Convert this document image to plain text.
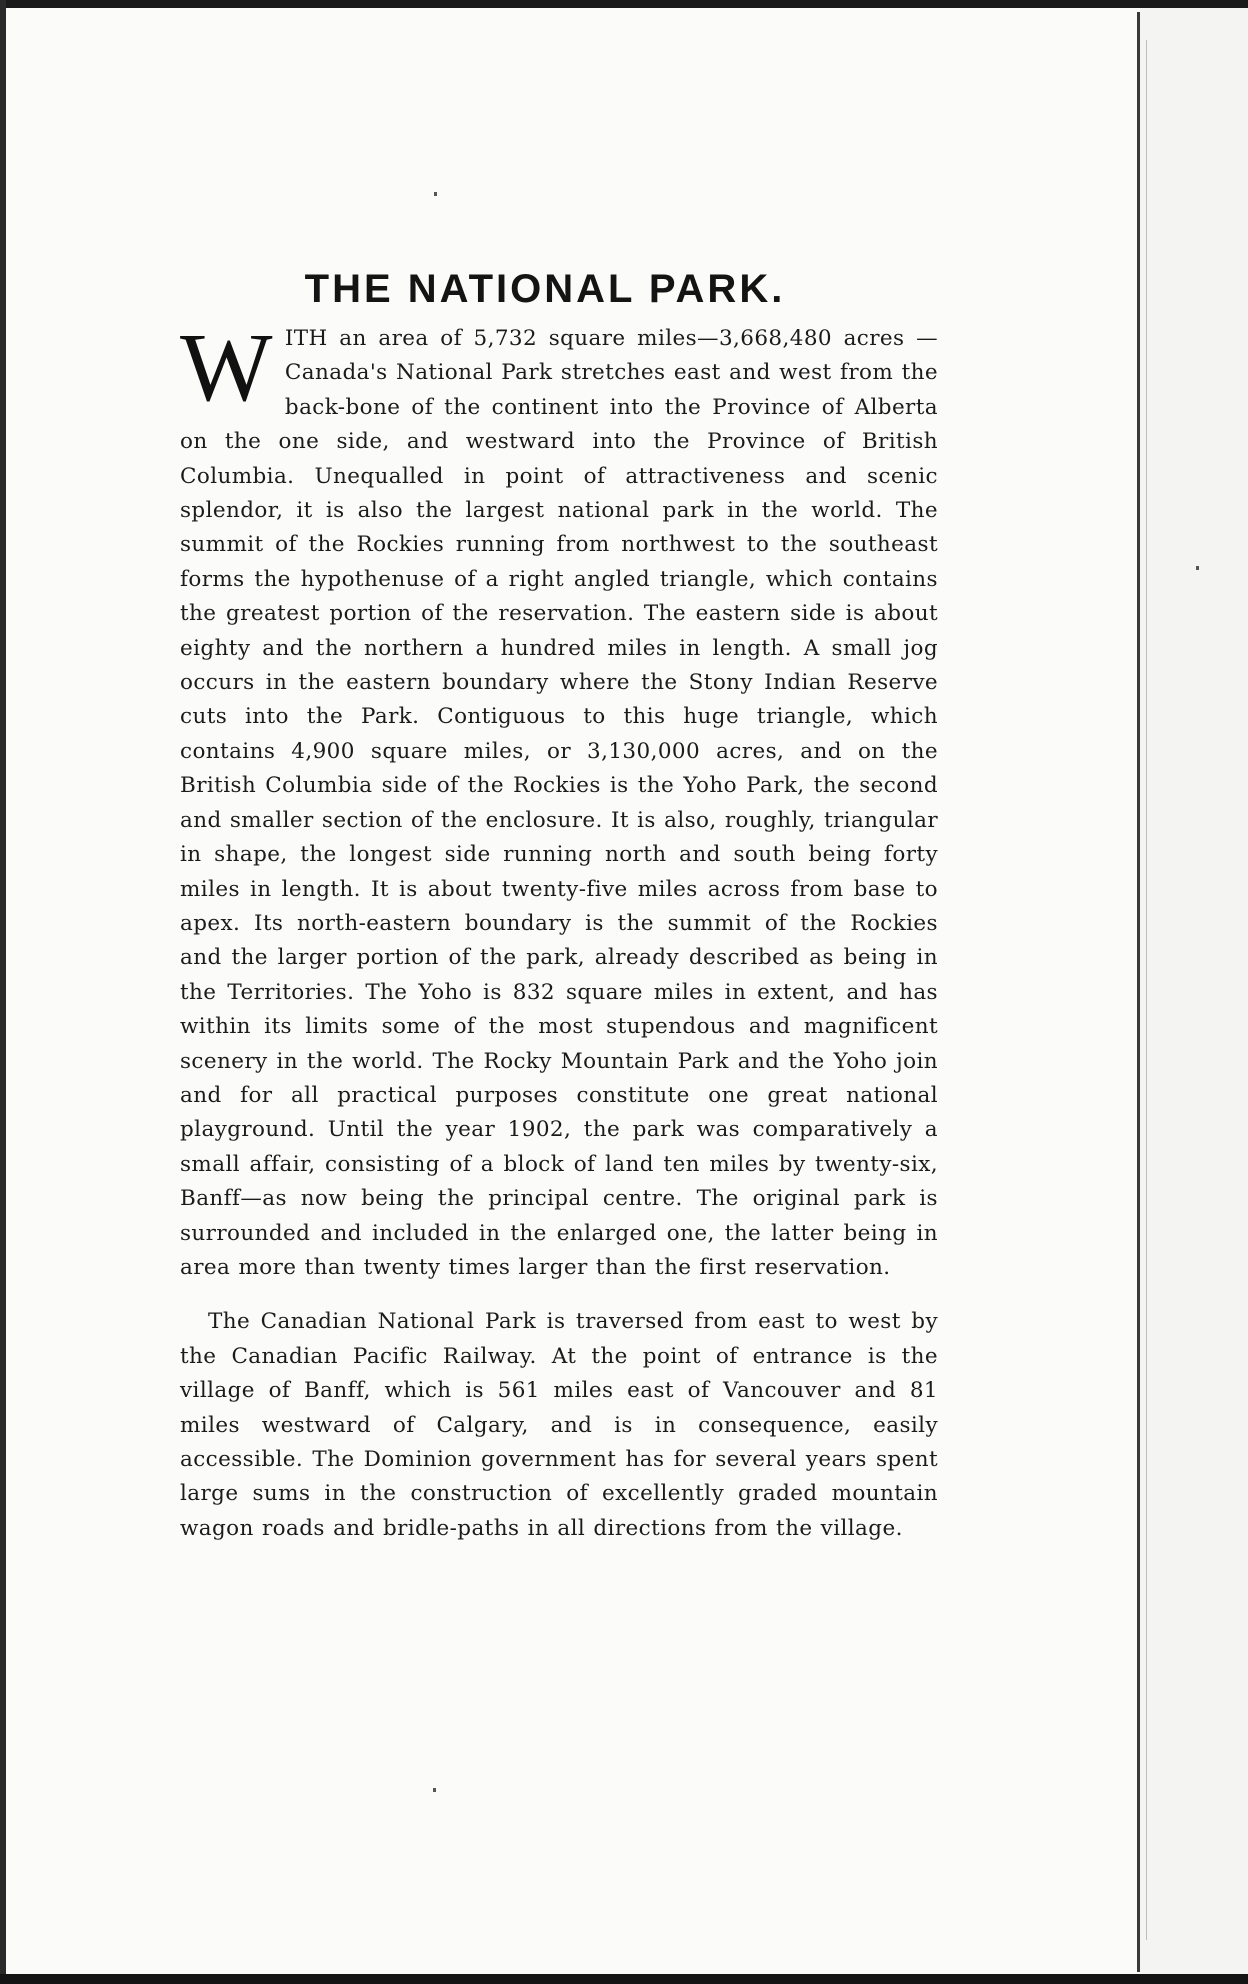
THE NATIONAL PARK.

WITH an area of 5,732 square miles—3,668,480 acres —Canada's National Park stretches east and west from the back-bone of the continent into the Province of Alberta on the one side, and westward into the Province of British Columbia. Unequalled in point of attractiveness and scenic splendor, it is also the largest national park in the world. The summit of the Rockies running from northwest to the southeast forms the hypothenuse of a right angled triangle, which contains the greatest portion of the reservation. The eastern side is about eighty and the northern a hundred miles in length. A small jog occurs in the eastern boundary where the Stony Indian Reserve cuts into the Park. Contiguous to this huge triangle, which contains 4,900 square miles, or 3,130,000 acres, and on the British Columbia side of the Rockies is the Yoho Park, the second and smaller section of the enclosure. It is also, roughly, triangular in shape, the longest side running north and south being forty miles in length. It is about twenty-five miles across from base to apex. Its north-eastern boundary is the summit of the Rockies and the larger portion of the park, already described as being in the Territories. The Yoho is 832 square miles in extent, and has within its limits some of the most stupendous and magnificent scenery in the world. The Rocky Mountain Park and the Yoho join and for all practical purposes constitute one great national playground. Until the year 1902, the park was comparatively a small affair, consisting of a block of land ten miles by twenty-six, Banff—as now being the principal centre. The original park is surrounded and included in the enlarged one, the latter being in area more than twenty times larger than the first reservation.

The Canadian National Park is traversed from east to west by the Canadian Pacific Railway. At the point of entrance is the village of Banff, which is 561 miles east of Vancouver and 81 miles westward of Calgary, and is in consequence, easily accessible. The Dominion government has for several years spent large sums in the construction of excellently graded mountain wagon roads and bridle-paths in all directions from the village.
